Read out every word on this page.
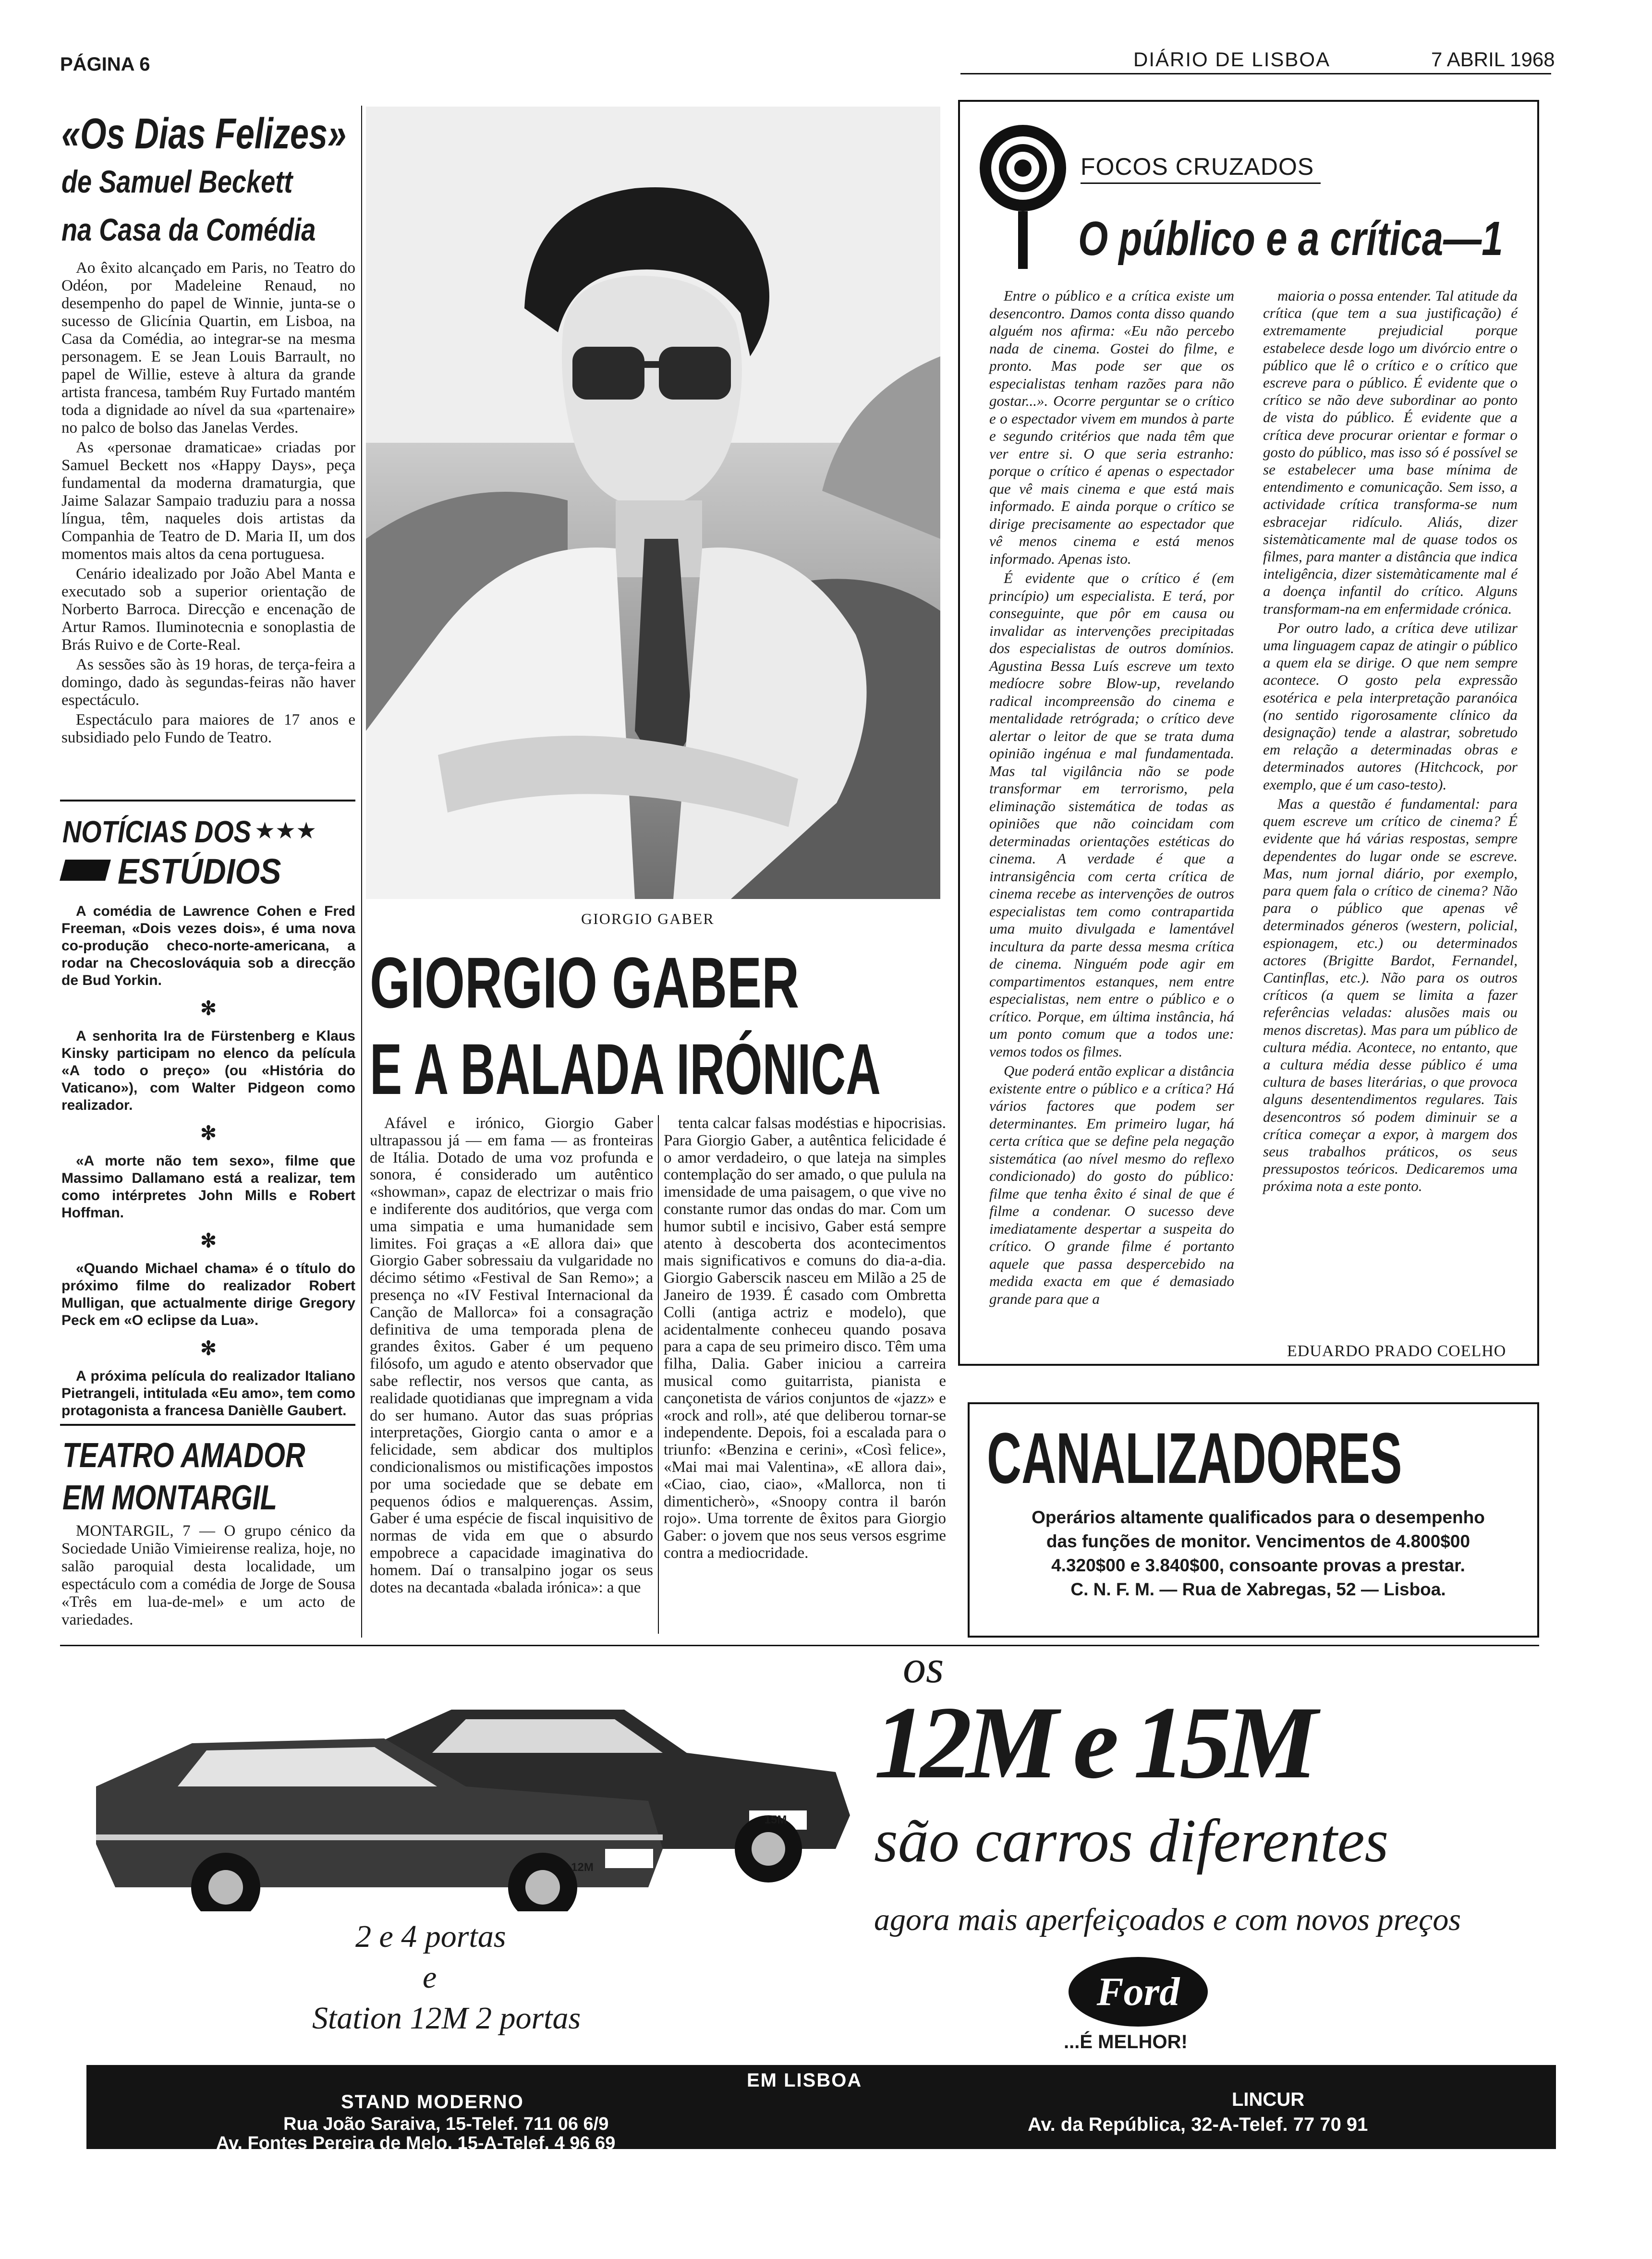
PÁGINA 6	DIÁRIO DE LISBOA	7 ABRIL 1968
«Os Dias Felizes»
de Samuel Beckett
na Casa da Comédia

Ao êxito alcançado em Paris, no Teatro do Odéon, por Madeleine Renaud, no desempenho do papel de Winnie, junta-se o sucesso de Glicínia Quartin, em Lisboa, na Casa da Comédia, ao integrar-se na mesma personagem. E se Jean Louis Barrault, no papel de Willie, esteve à altura da grande artista francesa, também Ruy Furtado mantém toda a dignidade ao nível da sua «partenaire» no palco de bolso das Janelas Verdes.

As «personae dramaticae» criadas por Samuel Beckett nos «Happy Days», peça fundamental da moderna dramaturgia, que Jaime Salazar Sampaio traduziu para a nossa língua, têm, naqueles dois artistas da Companhia de Teatro de D. Maria II, um dos momentos mais altos da cena portuguesa.

Cenário idealizado por João Abel Manta e executado sob a superior orientação de Norberto Barroca. Direcção e encenação de Artur Ramos. Iluminotecnia e sonoplastia de Brás Ruivo e de Corte-Real.

As sessões são às 19 horas, de terça-feira a domingo, dado às segundas-feiras não haver espectáculo.

Espectáculo para maiores de 17 anos e subsidiado pelo Fundo de Teatro.

NOTÍCIAS DOS ★★★
ESTÚDIOS

A comédia de Lawrence Cohen e Fred Freeman, «Dois vezes dois», é uma nova co-produção checo-norte-americana, a rodar na Checoslováquia sob a direcção de Bud Yorkin.

✻

A senhorita Ira de Fürstenberg e Klaus Kinsky participam no elenco da película «A todo o preço» (ou «História do Vaticano»), com Walter Pidgeon como realizador.

✻

«A morte não tem sexo», filme que Massimo Dallamano está a realizar, tem como intérpretes John Mills e Robert Hoffman.

✻

«Quando Michael chama» é o título do próximo filme do realizador Robert Mulligan, que actualmente dirige Gregory Peck em «O eclipse da Lua».

✻

A próxima película do realizador Italiano Pietrangeli, intitulada «Eu amo», tem como protagonista a francesa Danièlle Gaubert.

TEATRO AMADOR
EM MONTARGIL

MONTARGIL, 7 — O grupo cénico da Sociedade União Vimieirense realiza, hoje, no salão paroquial desta localidade, um espectáculo com a comédia de Jorge de Sousa «Três em lua-de-mel» e um acto de variedades.

GIORGIO GABER
GIORGIO GABER
E A BALADA IRÓNICA

Afável e irónico, Giorgio Gaber ultrapassou já — em fama — as fronteiras de Itália. Dotado de uma voz profunda e sonora, é considerado um autêntico «showman», capaz de electrizar o mais frio e indiferente dos auditórios, que verga com uma simpatia e uma humanidade sem limites. Foi graças a «E allora dai» que Giorgio Gaber sobressaiu da vulgaridade no décimo sétimo «Festival de San Remo»; a presença no «IV Festival Internacional da Canção de Mallorca» foi a consagração definitiva de uma temporada plena de grandes êxitos. Gaber é um pequeno filósofo, um agudo e atento observador que sabe reflectir, nos versos que canta, as realidade quotidianas que impregnam a vida do ser humano. Autor das suas próprias interpretações, Giorgio canta o amor e a felicidade, sem abdicar dos multiplos condicionalismos ou mistificações impostos por uma sociedade que se debate em pequenos ódios e malquerenças. Assim, Gaber é uma espécie de fiscal inquisitivo de normas de vida em que o absurdo empobrece a capacidade imaginativa do homem. Daí o transalpino jogar os seus dotes na decantada «balada irónica»: a que

tenta calcar falsas modéstias e hipocrisias. Para Giorgio Gaber, a autêntica felicidade é o amor verdadeiro, o que lateja na simples contemplação do ser amado, o que pulula na imensidade de uma paisagem, o que vive no constante rumor das ondas do mar. Com um humor subtil e incisivo, Gaber está sempre atento à descoberta dos acontecimentos mais significativos e comuns do dia-a-dia. Giorgio Gaberscik nasceu em Milão a 25 de Janeiro de 1939. É casado com Ombretta Colli (antiga actriz e modelo), que acidentalmente conheceu quando posava para a capa de seu primeiro disco. Têm uma filha, Dalia. Gaber iniciou a carreira musical como guitarrista, pianista e cançonetista de vários conjuntos de «jazz» e «rock and roll», até que deliberou tornar-se independente. Depois, foi a escalada para o triunfo: «Benzina e cerini», «Così felice», «Mai mai mai Valentina», «E allora dai», «Ciao, ciao, ciao», «Mallorca, non ti dimenticherò», «Snoopy contra il barón rojo». Uma torrente de êxitos para Giorgio Gaber: o jovem que nos seus versos esgrime contra a mediocridade.

FOCOS CRUZADOS
O público e a crítica—1

Entre o público e a crítica existe um desencontro. Damos conta disso quando alguém nos afirma: «Eu não percebo nada de cinema. Gostei do filme, e pronto. Mas pode ser que os especialistas tenham razões para não gostar...». Ocorre perguntar se o crítico e o espectador vivem em mundos à parte e segundo critérios que nada têm que ver entre si. O que seria estranho: porque o crítico é apenas o espectador que vê mais cinema e que está mais informado. E ainda porque o crítico se dirige precisamente ao espectador que vê menos cinema e está menos informado. Apenas isto.

É evidente que o crítico é (em princípio) um especialista. E terá, por conseguinte, que pôr em causa ou invalidar as intervenções precipitadas dos especialistas de outros domínios. Agustina Bessa Luís escreve um texto medíocre sobre Blow-up, revelando radical incompreensão do cinema e mentalidade retrógrada; o crítico deve alertar o leitor de que se trata duma opinião ingénua e mal fundamentada. Mas tal vigilância não se pode transformar em terrorismo, pela eliminação sistemática de todas as opiniões que não coincidam com determinadas orientações estéticas do cinema. A verdade é que a intransigência com certa crítica de cinema recebe as intervenções de outros especialistas tem como contrapartida uma muito divulgada e lamentável incultura da parte dessa mesma crítica de cinema. Ninguém pode agir em compartimentos estanques, nem entre especialistas, nem entre o público e o crítico. Porque, em última instância, há um ponto comum que a todos une: vemos todos os filmes.

Que poderá então explicar a distância existente entre o público e a crítica? Há vários factores que podem ser determinantes. Em primeiro lugar, há certa crítica que se define pela negação sistemática (ao nível mesmo do reflexo condicionado) do gosto do público: filme que tenha êxito é sinal de que é filme a condenar. O sucesso deve imediatamente despertar a suspeita do crítico. O grande filme é portanto aquele que passa despercebido na medida exacta em que é demasiado grande para que a

maioria o possa entender. Tal atitude da crítica (que tem a sua justificação) é extremamente prejudicial porque estabelece desde logo um divórcio entre o público que lê o crítico e o crítico que escreve para o público. É evidente que o crítico se não deve subordinar ao ponto de vista do público. É evidente que a crítica deve procurar orientar e formar o gosto do público, mas isso só é possível se se estabelecer uma base mínima de entendimento e comunicação. Sem isso, a actividade crítica transforma-se num esbracejar ridículo. Aliás, dizer sistemàticamente mal de quase todos os filmes, para manter a distância que indica inteligência, dizer sistemàticamente mal é a doença infantil do crítico. Alguns transformam-na em enfermidade crónica.

Por outro lado, a crítica deve utilizar uma linguagem capaz de atingir o público a quem ela se dirige. O que nem sempre acontece. O gosto pela expressão esotérica e pela interpretação paranóica (no sentido rigorosamente clínico da designação) tende a alastrar, sobretudo em relação a determinadas obras e determinados autores (Hitchcock, por exemplo, que é um caso-testo).

Mas a questão é fundamental: para quem escreve um crítico de cinema? É evidente que há várias respostas, sempre dependentes do lugar onde se escreve. Mas, num jornal diário, por exemplo, para quem fala o crítico de cinema? Não para o público que apenas vê determinados géneros (western, policial, espionagem, etc.) ou determinados actores (Brigitte Bardot, Fernandel, Cantinflas, etc.). Não para os outros críticos (a quem se limita a fazer referências veladas: alusões mais ou menos discretas). Mas para um público de cultura média. Acontece, no entanto, que a cultura média desse público é uma cultura de bases literárias, o que provoca alguns desentendimentos regulares. Tais desencontros só podem diminuir se a crítica começar a expor, à margem dos seus trabalhos práticos, os seus pressupostos teóricos. Dedicaremos uma próxima nota a este ponto.

EDUARDO PRADO COELHO
CANALIZADORES
Operários altamente qualificados para o desempenho
das funções de monitor. Vencimentos de 4.800$00
4.320$00 e 3.840$00, consoante provas a prestar.
C. N. F. M. — Rua de Xabregas, 52 — Lisboa.
12M
15M
os
12M e 15M
são carros diferentes
agora mais aperfeiçoados e com novos preços
2 e 4 portas
e
Station 12M 2 portas
Ford
...É MELHOR!
EM LISBOA
STAND MODERNO
Rua João Saraiva, 15-Telef. 711 06 6/9
Av. Fontes Pereira de Melo, 15-A-Telef. 4 96 69
LINCUR
Av. da República, 32-A-Telef. 77 70 91
